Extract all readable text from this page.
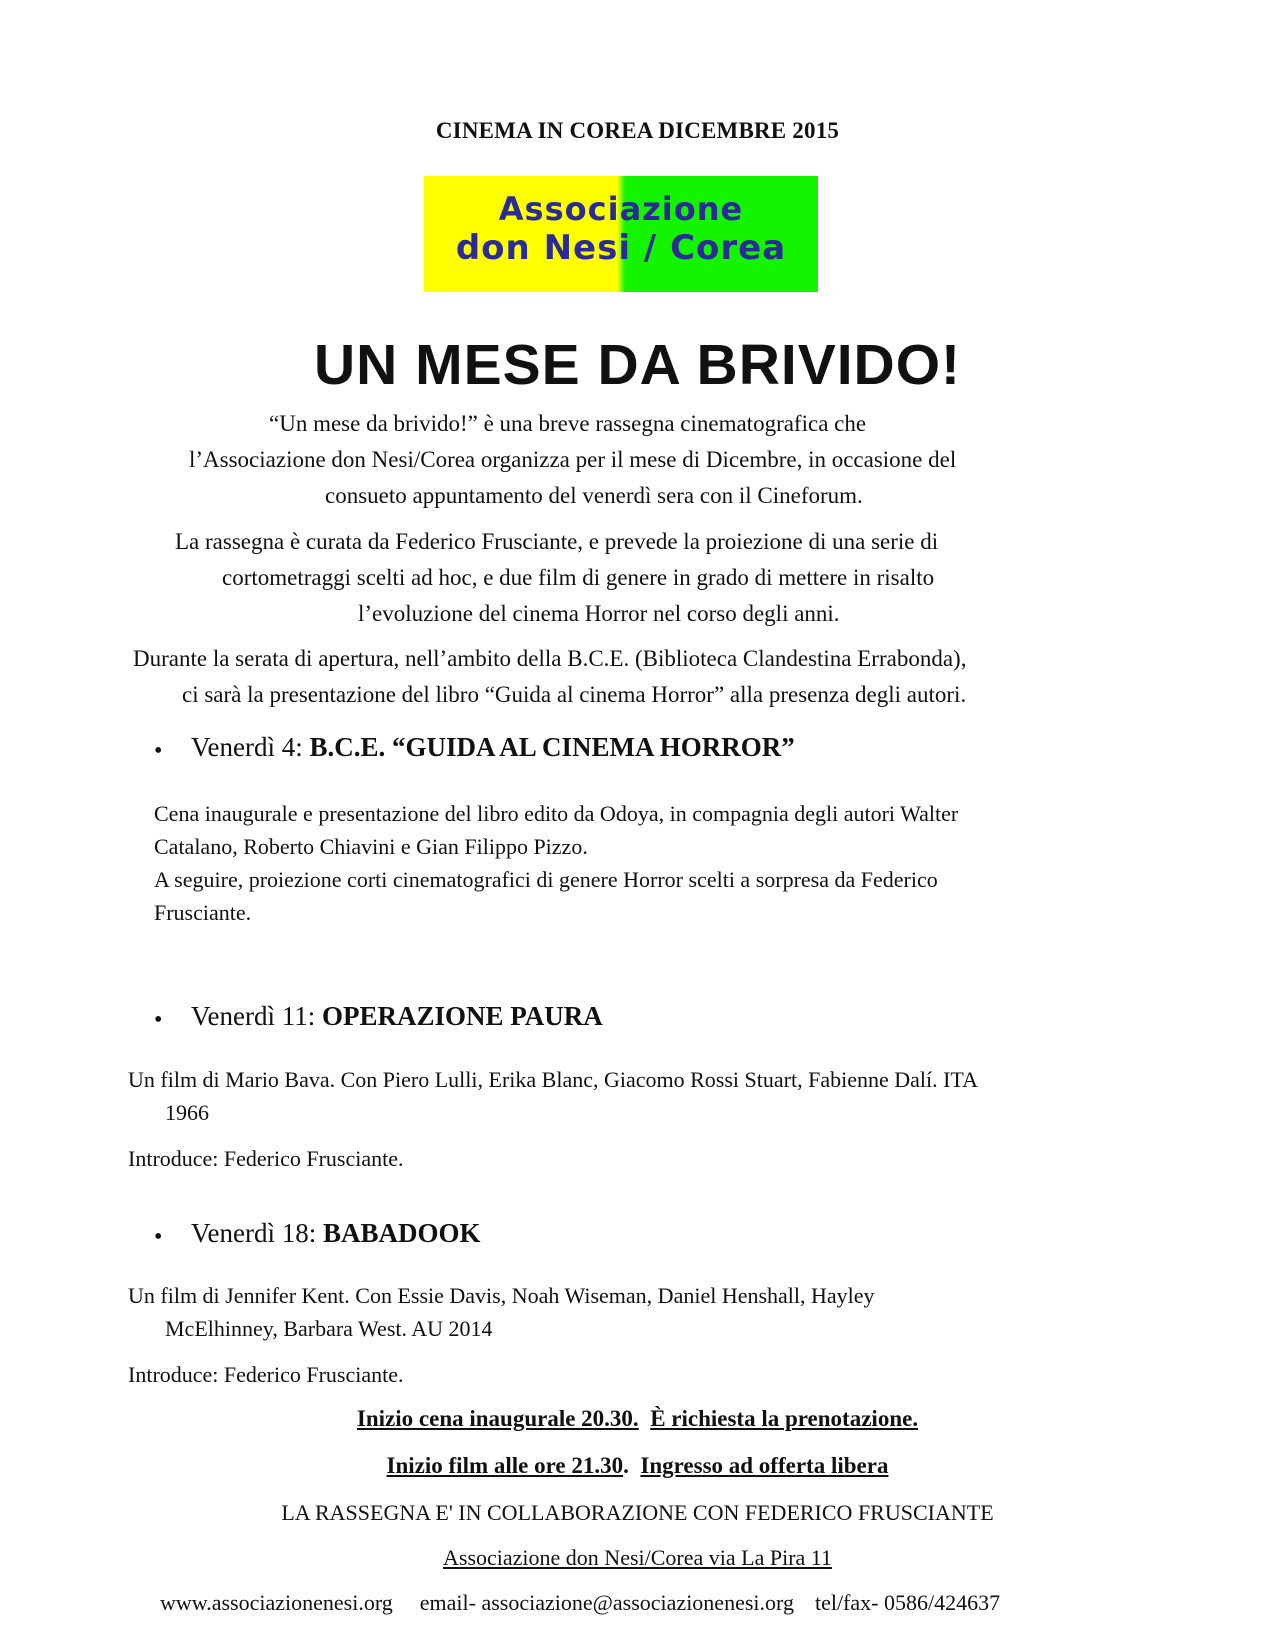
CINEMA IN COREA DICEMBRE 2015
Associazione
don Nesi / Corea
UN MESE DA BRIVIDO!
“Un mese da brivido!” è una breve rassegna cinematografica che
l’Associazione don Nesi/Corea organizza per il mese di Dicembre, in occasione del
consueto appuntamento del venerdì sera con il Cineforum.
La rassegna è curata da Federico Frusciante, e prevede la proiezione di una serie di
cortometraggi scelti ad hoc, e due film di genere in grado di mettere in risalto
l’evoluzione del cinema Horror nel corso degli anni.
Durante la serata di apertura, nell’ambito della B.C.E. (Biblioteca Clandestina Errabonda),
ci sarà la presentazione del libro “Guida al cinema Horror” alla presenza degli autori.
• Venerdì 4: B.C.E. “GUIDA AL CINEMA HORROR”
Cena inaugurale e presentazione del libro edito da Odoya, in compagnia degli autori Walter
Catalano, Roberto Chiavini e Gian Filippo Pizzo.
A seguire, proiezione corti cinematografici di genere Horror scelti a sorpresa da Federico
Frusciante.
• Venerdì 11: OPERAZIONE PAURA
Un film di Mario Bava. Con Piero Lulli, Erika Blanc, Giacomo Rossi Stuart, Fabienne Dalí. ITA
1966
Introduce: Federico Frusciante.
• Venerdì 18: BABADOOK
Un film di Jennifer Kent. Con Essie Davis, Noah Wiseman, Daniel Henshall, Hayley
McElhinney, Barbara West. AU 2014
Introduce: Federico Frusciante.
Inizio cena inaugurale 20.30. È richiesta la prenotazione.
Inizio film alle ore 21.30. Ingresso ad offerta libera
LA RASSEGNA E' IN COLLABORAZIONE CON FEDERICO FRUSCIANTE
Associazione don Nesi/Corea via La Pira 11
www.associazionenesi.org email- associazione@associazionenesi.org tel/fax- 0586/424637
